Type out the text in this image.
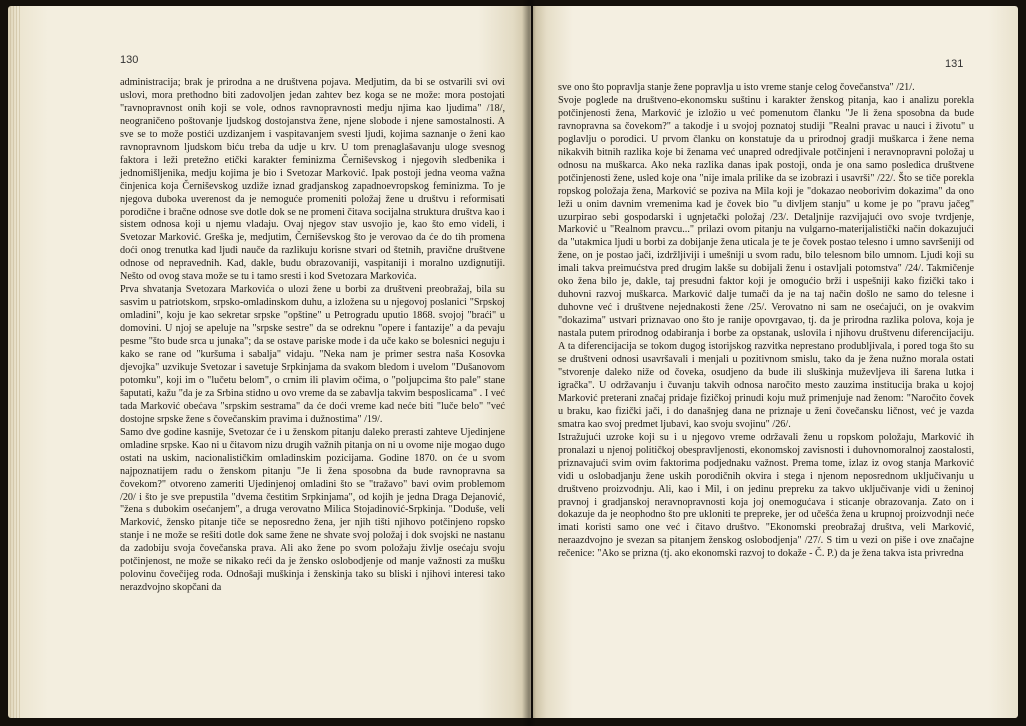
130
administracija; brak je prirodna a ne društvena pojava. Medjutim, da bi se ostvarili svi ovi uslovi, mora prethodno biti zadovoljen jedan zahtev bez koga se ne može: mora postojati "ravnopravnost onih koji se vole, odnos ravnopravnosti medju njima kao ljudima" /18/, neograničeno poštovanje ljudskog dostojanstva žene, njene slobode i njene samostalnosti. A sve se to može postići uzdizanjem i vaspitavanjem svesti ljudi, kojima saznanje o ženi kao ravnopravnom ljudskom biću treba da udje u krv. U tom prenaglašavanju uloge svesnog faktora i leži pretežno etički karakter feminizma Černiševskog i njegovih sledbenika i jednomišljenika, medju kojima je bio i Svetozar Marković. Ipak postoji jedna veoma važna činjenica koja Černiševskog uzdiže iznad gradjanskog zapadnoevropskog feminizma. To je njegova duboka uverenost da je nemoguće promeniti položaj žene u društvu i reformisati porodične i bračne odnose sve dotle dok se ne promeni čitava socijalna struktura društva kao i sistem odnosa koji u njemu vladaju. Ovaj njegov stav usvojio je, kao što emo videli, i Svetozar Marković. Greška je, medjutim, Černiševskog što je verovao da će do tih promena doći onog trenutka kad ljudi nauče da razlikuju korisne stvari od štetnih, pravične društvene odnose od nepravednih. Kad, dakle, budu obrazovaniji, vaspitaniji i moralno uzdignutiji. Nešto od ovog stava može se tu i tamo sresti i kod Svetozara Markovića.
Prva shvatanja Svetozara Markovića o ulozi žene u borbi za društveni preobražaj, bila su sasvim u patriotskom, srpsko-omladinskom duhu, a izložena su u njegovoj poslanici "Srpskoj omladini", koju je kao sekretar srpske "opštine" u Petrogradu uputio 1868. svojoj "braći" u domovini. U njoj se apeluje na "srpske sestre" da se odreknu "opere i fantazije" a da pevaju pesme "što bude srca u junaka"; da se ostave pariske mode i da uče kako se bolesnici neguju i kako se rane od "kuršuma i sabalja" vidaju. "Neka nam je primer sestra naša Kosovka djevojka" uzvikuje Svetozar i savetuje Srpkinjama da svakom bledom i uvelom "Dušanovom potomku", koji im o "lučetu belom", o crnim ili plavim očima, o "poljupcima što pale" stane šaputati, kažu "da je za Srbina stidno u ovo vreme da se zabavlja takvim besposlicama" . I već tada Marković obećava "srpskim sestrama" da će doći vreme kad neće biti "luče belo" "već dostojne srpske žene s čovečanskim pravima i dužnostima" /19/.
Samo dve godine kasnije, Svetozar će i u ženskom pitanju daleko prerasti zahteve Ujedinjene omladine srpske. Kao ni u čitavom nizu drugih važnih pitanja on ni u ovome nije mogao dugo ostati na uskim, nacionalističkim omladinskim pozicijama. Godine 1870. on će u svom najpoznatijem radu o ženskom pitanju "Je li žena sposobna da bude ravnopravna sa čovekom?" otvoreno zameriti Ujedinjenoj omladini što se "tražavo" bavi ovim problemom /20/ i što je sve prepustila "dvema čestitim Srpkinjama", od kojih je jedna Draga Dejanović, "žena s dubokim osećanjem", a druga verovatno Milica Stojadinović-Srpkinja. "Doduše, veli Marković, žensko pitanje tiče se neposredno žena, jer njih tišti njihovo potčinjeno ropsko stanje i ne može se rešiti dotle dok same žene ne shvate svoj položaj i dok svojski ne nastanu da zadobiju svoja čovečanska prava. Ali ako žene po svom položaju življe osećaju svoju potčinjenost, ne može se nikako reći da je žensko oslobodjenje od manje važnosti za mušku polovinu čovečijeg roda. Odnošaji muškinja i ženskinja tako su bliski i njihovi interesi tako nerazdvojno skopčani da
131
sve ono što popravlja stanje žene popravlja u isto vreme stanje celog čovečanstva" /21/.
Svoje poglede na društveno-ekonomsku suštinu i karakter ženskog pitanja, kao i analizu porekla potčinjenosti žena, Marković je izložio u već pomenutom članku "Je li žena sposobna da bude ravnopravna sa čovekom?" a takodje i u svojoj poznatoj studiji "Realni pravac u nauci i životu" u poglavlju o porodici. U prvom članku on konstatuje da u prirodnoj gradji muškarca i žene nema nikakvih bitnih razlika koje bi ženama već unapred odredjivale potčinjeni i neravnopravni položaj u odnosu na muškarca. Ako neka razlika danas ipak postoji, onda je ona samo posledica društvene potčinjenosti žene, usled koje ona "nije imala prilike da se izobrazi i usavrši" /22/. Što se tiče porekla ropskog položaja žena, Marković se poziva na Mila koji je "dokazao neoborivim dokazima" da ono leži u onim davnim vremenima kad je čovek bio "u divljem stanju" u kome je po "pravu jačeg" uzurpirao sebi gospodarski i ugnjetački položaj /23/. Detaljnije razvijajući ovo svoje tvrdjenje, Marković u "Realnom pravcu..." prilazi ovom pitanju na vulgarno-materijalistički način dokazujući da "utakmica ljudi u borbi za dobijanje žena uticala je te je čovek postao telesno i umno savršeniji od žene, on je postao jači, izdržljiviji i umešniji u svom radu, bilo telesnom bilo umnom. Ljudi koji su imali takva preimućstva pred drugim lakše su dobijali ženu i ostavljali potomstva" /24/. Takmičenje oko žena bilo je, dakle, taj presudni faktor koji je omogućio brži i uspešniji kako fizički tako i duhovni razvoj muškarca. Marković dalje tumači da je na taj način došlo ne samo do telesne i duhovne već i društvene nejednakosti žene /25/. Verovatno ni sam ne osećajući, on je ovakvim "dokazima" ustvari priznavao ono što je ranije opovrgavao, tj. da je prirodna razlika polova, koja je nastala putem prirodnog odabiranja i borbe za opstanak, uslovila i njihovu društvenu diferencijaciju. A ta diferencijacija se tokom dugog istorijskog razvitka neprestano produbljivala, i pored toga što su se društveni odnosi usavršavali i menjali u pozitivnom smislu, tako da je žena nužno morala ostati "stvorenje daleko niže od čoveka, osudjeno da bude ili sluškinja muževljeva ili šarena lutka i igračka". U održavanju i čuvanju takvih odnosa naročito mesto zauzima institucija braka u kojoj Marković preterani značaj pridaje fizičkoj prinudi koju muž primenjuje nad ženom: "Naročito čovek u braku, kao fizički jači, i do današnjeg dana ne priznaje u ženi čovečansku ličnost, već je vazda smatra kao svoj predmet ljubavi, kao svoju svojinu" /26/.
Istražujući uzroke koji su i u njegovo vreme održavali ženu u ropskom položaju, Marković ih pronalazi u njenoj političkoj obespravljenosti, ekonomskoj zavisnosti i duhovnomoralnoj zaostalosti, priznavajući svim ovim faktorima podjednaku važnost. Prema tome, izlaz iz ovog stanja Marković vidi u oslobadjanju žene uskih porodičnih okvira i stega i njenom neposrednom uključivanju u društveno proizvodnju. Ali, kao i Mil, i on jedinu prepreku za takvo uključivanje vidi u ženinoj pravnoj i gradjanskoj neravnopravnosti koja joj onemogućava i sticanje obrazovanja. Zato on i dokazuje da je neophodno što pre ukloniti te prepreke, jer od učešća žena u krupnoj proizvodnji neće imati koristi samo one već i čitavo društvo. "Ekonomski preobražaj društva, veli Marković, neraazdvojno je svezan sa pitanjem ženskog oslobodjenja" /27/. S tim u vezi on piše i ove značajne rečenice: "Ako se prizna (tj. ako ekonomski razvoj to dokaže - Č. P.) da je žena takva ista privredna
